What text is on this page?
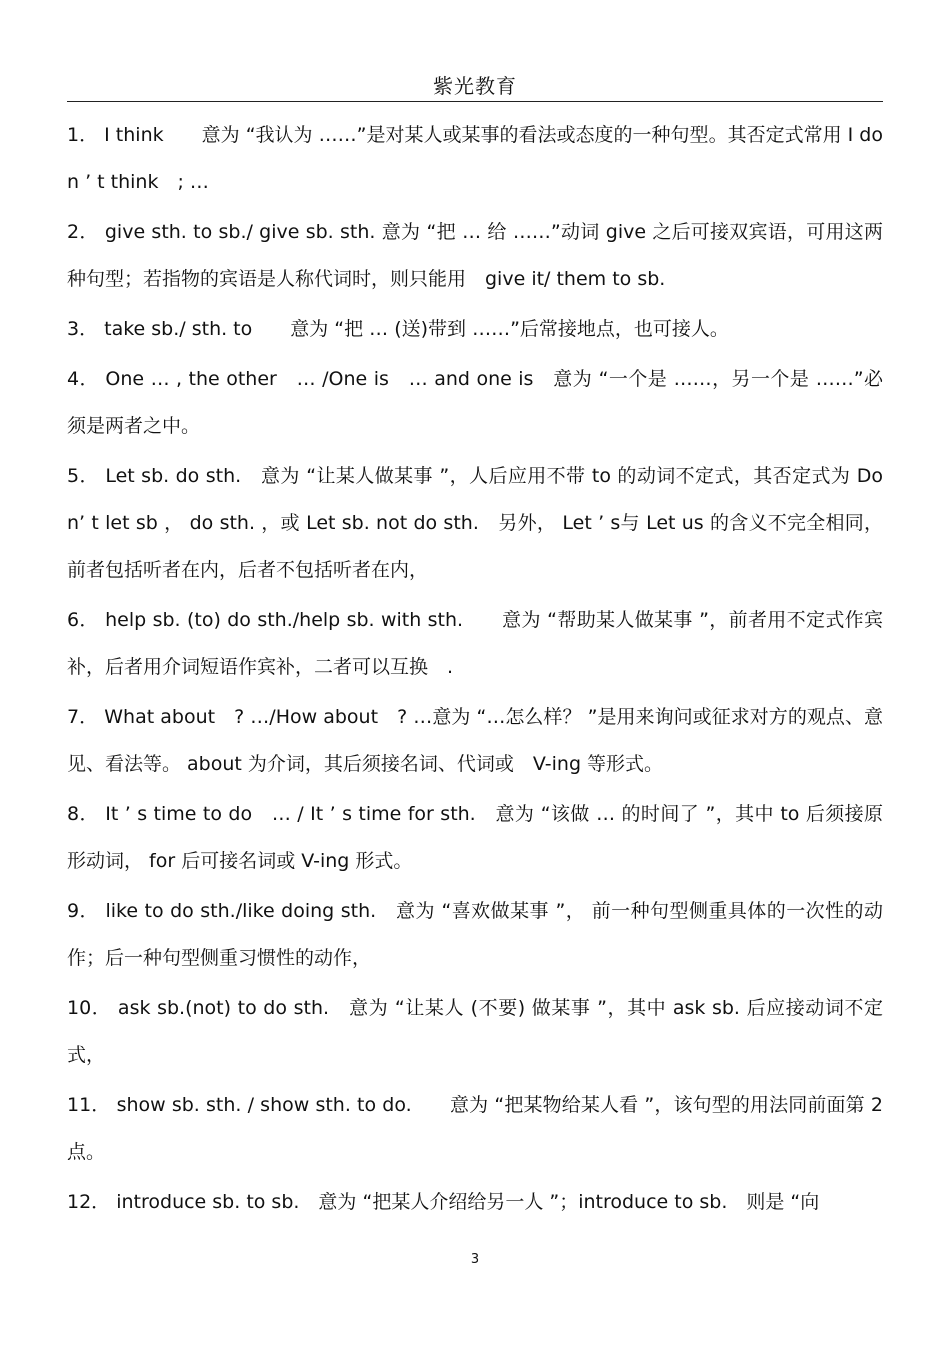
紫光教育

1． I think　　意为 “我认为 ……”是对某人或某事的看法或态度的一种句型。其否定式常用 I don ’ t think　; …

2． give sth. to sb./ give sb. sth. 意为 “把 … 给 ……”动词 give 之后可接双宾语，可用这两种句型；若指物的宾语是人称代词时，则只能用　give it/ them to sb.

3． take sb./ sth. to　　意为 “把 … (送)带到 ……”后常接地点，也可接人。

4． One … , the other　… /One is　… and one is　意为 “一个是 ……，另一个是 ……”必须是两者之中。

5． Let sb. do sth.　意为 “让某人做某事 ”，人后应用不带 to 的动词不定式，其否定式为 Don’ t let sb ， do sth. ，或 Let sb. not do sth.　另外， Let ’ s与 Let us 的含义不完全相同，前者包括听者在内，后者不包括听者在内，

6． help sb. (to) do sth./help sb. with sth.　　意为 “帮助某人做某事 ”，前者用不定式作宾补，后者用介词短语作宾补，二者可以互换　.

7． What about　? …/How about　? …意为 “…怎么样？ ”是用来询问或征求对方的观点、意见、看法等。 about 为介词，其后须接名词、代词或　V-ing 等形式。

8． It ’ s time to do　… / It ’ s time for sth.　意为 “该做 … 的时间了 ”，其中 to 后须接原形动词， for 后可接名词或 V-ing 形式。

9． like to do sth./like doing sth.　意为 “喜欢做某事 ”， 前一种句型侧重具体的一次性的动作；后一种句型侧重习惯性的动作，

10． ask sb.(not) to do sth.　意为 “让某人 (不要) 做某事 ”，其中 ask sb. 后应接动词不定式，

11． show sb. sth. / show sth. to do.　　意为 “把某物给某人看 ”，该句型的用法同前面第 2 点。

12． introduce sb. to sb.　意为 “把某人介绍给另一人 ”；introduce to sb.　则是 “向

3
